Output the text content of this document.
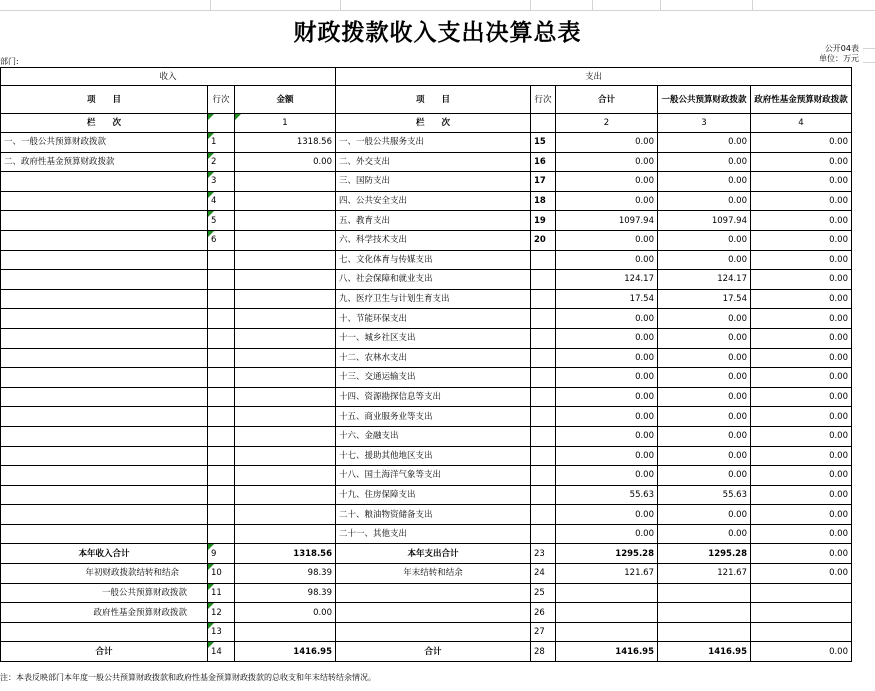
财政拨款收入支出决算总表
部门:
公开04表
单位：万元
收入			支出				
项　　目	行次	金额	项　　目	行次	合计	一般公共预算财政拨款	政府性基金预算财政拨款
栏　　次		1	栏　　次		2	3	4
一、一般公共预算财政拨款	1	1318.56	一、一般公共服务支出	15	0.00	0.00	0.00
二、政府性基金预算财政拨款	2	0.00	二、外交支出	16	0.00	0.00	0.00
	3		三、国防支出	17	0.00	0.00	0.00
	4		四、公共安全支出	18	0.00	0.00	0.00
	5		五、教育支出	19	1097.94	1097.94	0.00
	6		六、科学技术支出	20	0.00	0.00	0.00
			七、文化体育与传媒支出		0.00	0.00	0.00
			八、社会保障和就业支出		124.17	124.17	0.00
			九、医疗卫生与计划生育支出		17.54	17.54	0.00
			十、节能环保支出		0.00	0.00	0.00
			十一、城乡社区支出		0.00	0.00	0.00
			十二、农林水支出		0.00	0.00	0.00
			十三、交通运输支出		0.00	0.00	0.00
			十四、资源勘探信息等支出		0.00	0.00	0.00
			十五、商业服务业等支出		0.00	0.00	0.00
			十六、金融支出		0.00	0.00	0.00
			十七、援助其他地区支出		0.00	0.00	0.00
			十八、国土海洋气象等支出		0.00	0.00	0.00
			十九、住房保障支出		55.63	55.63	0.00
			二十、粮油物资储备支出		0.00	0.00	0.00
			二十一、其他支出		0.00	0.00	0.00
本年收入合计	9	1318.56	本年支出合计	23	1295.28	1295.28	0.00
年初财政拨款结转和结余	10	98.39	年末结转和结余	24	121.67	121.67	0.00
一般公共预算财政拨款	11	98.39		25			
政府性基金预算财政拨款	12	0.00		26			
	13			27			
合计	14	1416.95	合计	28	1416.95	1416.95	0.00
注：本表反映部门本年度一般公共预算财政拨款和政府性基金预算财政拨款的总收支和年末结转结余情况。
